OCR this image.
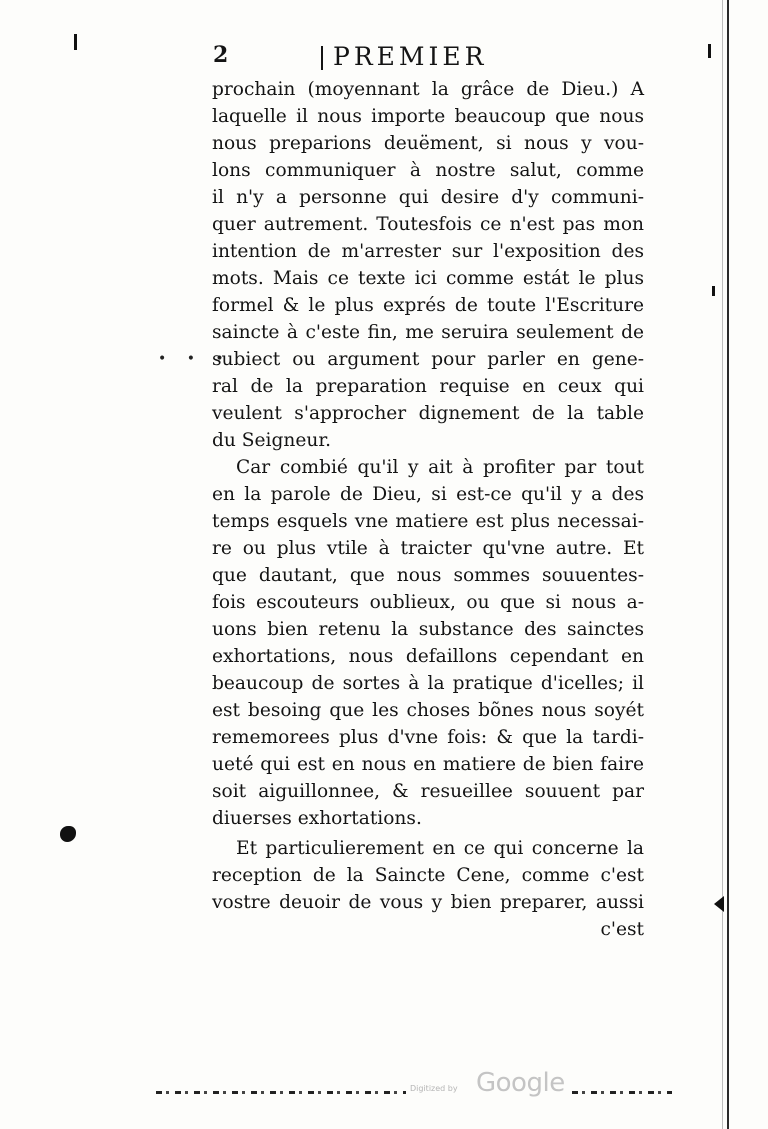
• • •
2	PREMIER
prochain (moyennant la grâce de Dieu.) A
laquelle il nous importe beaucoup que nous
nous preparions deuëment, si nous y vou-
lons communiquer à nostre salut, comme
il n'y a personne qui desire d'y communi-
quer autrement. Toutesfois ce n'est pas mon
intention de m'arrester sur l'exposition des
mots. Mais ce texte ici comme estát le plus
formel & le plus exprés de toute l'Escriture
saincte à c'este fin, me seruira seulement de
subiect ou argument pour parler en gene-
ral de la preparation requise en ceux qui
veulent s'approcher dignement de la table
du Seigneur.
Car combié qu'il y ait à profiter par tout
en la parole de Dieu, si est-ce qu'il y a des
temps esquels vne matiere est plus necessai-
re ou plus vtile à traicter qu'vne autre. Et
que dautant, que nous sommes souuentes-
fois escouteurs oublieux, ou que si nous a-
uons bien retenu la substance des sainctes
exhortations, nous defaillons cependant en
beaucoup de sortes à la pratique d'icelles; il
est besoing que les choses bõnes nous soyét
rememorees plus d'vne fois: & que la tardi-
ueté qui est en nous en matiere de bien faire
soit aiguillonnee, & resueillee souuent par
diuerses exhortations.
Et particulierement en ce qui concerne la
reception de la Saincte Cene, comme c'est
vostre deuoir de vous y bien preparer, aussi
c'est
Digitized by Google
